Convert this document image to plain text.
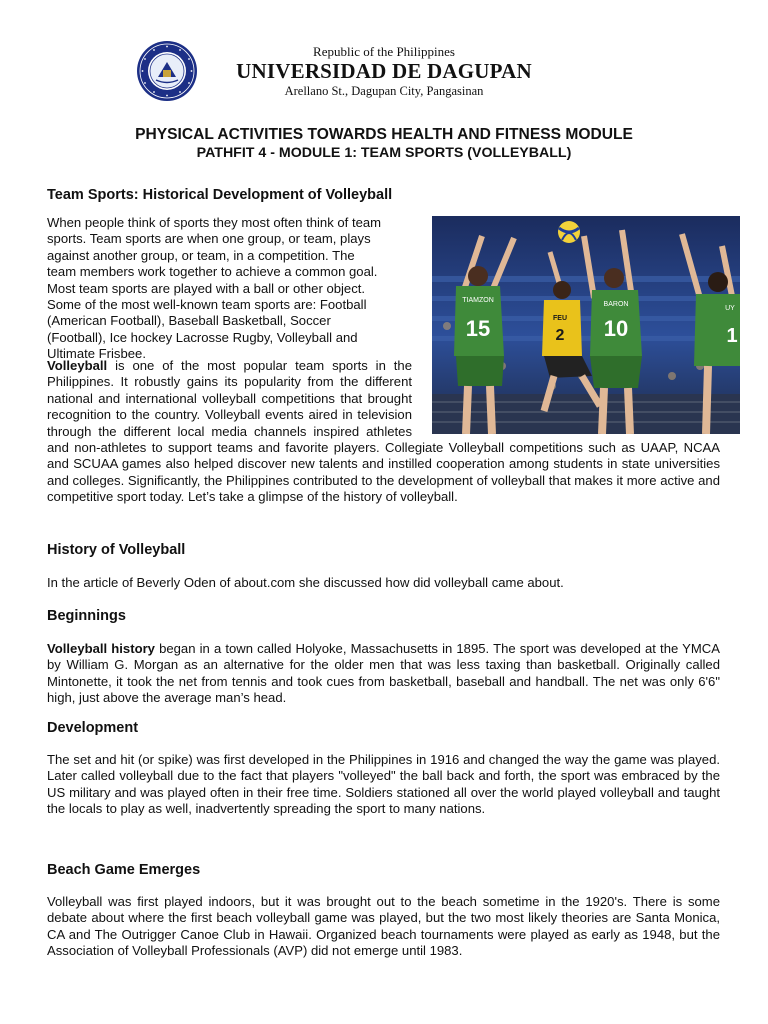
Republic of the Philippines
UNIVERSIDAD DE DAGUPAN
Arellano St., Dagupan City, Pangasinan
PHYSICAL ACTIVITIES TOWARDS HEALTH AND FITNESS MODULE
PATHFIT 4 - MODULE 1: TEAM SPORTS (VOLLEYBALL)
Team Sports: Historical Development of Volleyball

When people think of sports they most often think of team sports. Team sports are when one group, or team, plays against another group, or team, in a competition. The team members work together to achieve a common goal. Most team sports are played with a ball or other object. Some of the most well-known team sports are: Football (American Football), Baseball Basketball, Soccer (Football), Ice hockey Lacrosse Rugby, Volleyball and Ultimate Frisbee.

Volleyball is one of the most popular team sports in the Philippines. It robustly gains its popularity from the different national and international volleyball competitions that brought recognition to the country. Volleyball events aired in television through the different local media channels inspired athletes and non-athletes to support teams and favorite players. Collegiate Volleyball competitions such as UAAP, NCAA and SCUAA games also helped discover new talents and instilled cooperation among students in state universities and colleges. Significantly, the Philippines contributed to the development of volleyball that makes it more active and competitive sport today. Let’s take a glimpse of the history of volleyball.

15
TIAMZON
FEU
2 10
BARON
1
UY
History of Volleyball

In the article of Beverly Oden of about.com she discussed how did volleyball came about.

Beginnings

Volleyball history began in a town called Holyoke, Massachusetts in 1895. The sport was developed at the YMCA by William G. Morgan as an alternative for the older men that was less taxing than basketball. Originally called Mintonette, it took the net from tennis and took cues from basketball, baseball and handball. The net was only 6'6" high, just above the average man’s head.

Development

The set and hit (or spike) was first developed in the Philippines in 1916 and changed the way the game was played. Later called volleyball due to the fact that players "volleyed" the ball back and forth, the sport was embraced by the US military and was played often in their free time. Soldiers stationed all over the world played volleyball and taught the locals to play as well, inadvertently spreading the sport to many nations.

Beach Game Emerges

Volleyball was first played indoors, but it was brought out to the beach sometime in the 1920's. There is some debate about where the first beach volleyball game was played, but the two most likely theories are Santa Monica, CA and The Outrigger Canoe Club in Hawaii. Organized beach tournaments were played as early as 1948, but the Association of Volleyball Professionals (AVP) did not emerge until 1983.
